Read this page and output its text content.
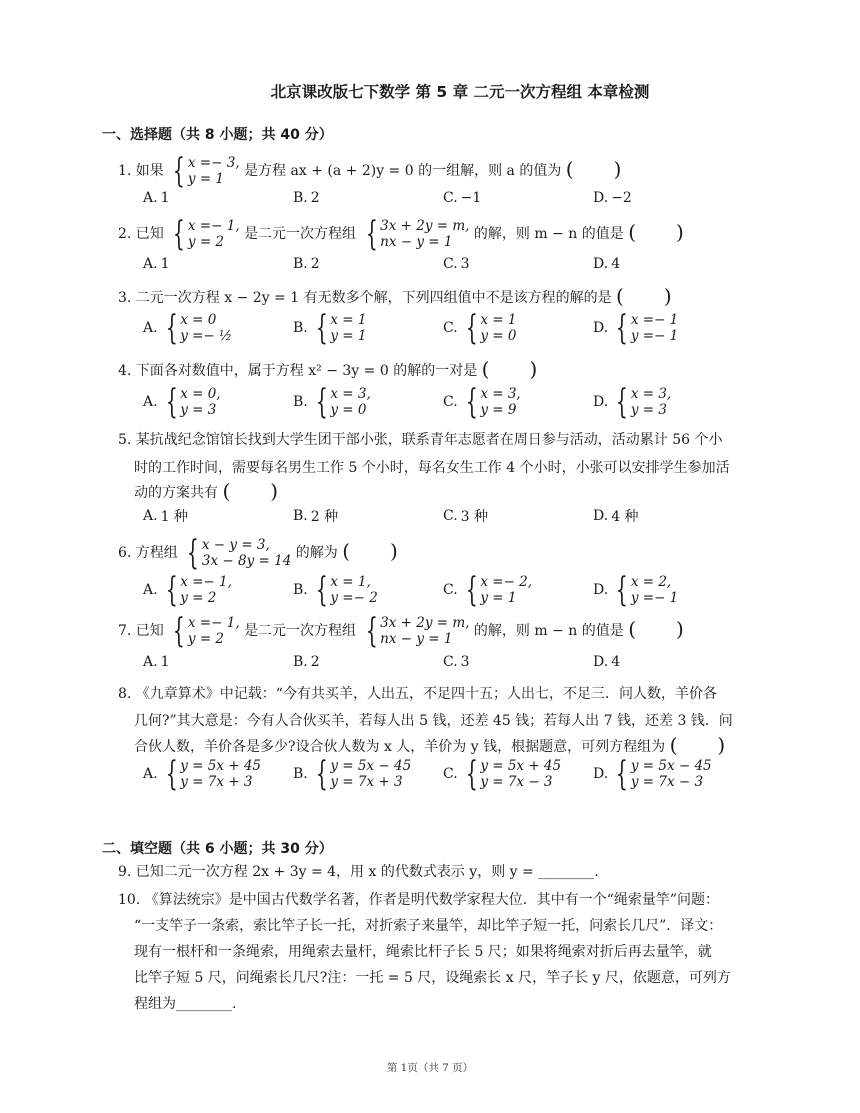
北京课改版七下数学 第 5 章 二元一次方程组 本章检测
一、选择题（共 8 小题；共 40 分）
1. 如果 { x =− 3,
y = 1	是方程 ax + (a + 2)y = 0 的一组解，则 a 的值为 (　　)
A. 1	B. 2	C. −1	D. −2
2. 已知 { x =− 1,
y = 2	是二元一次方程组 { 3x + 2y = m,
nx − y = 1	的解，则 m − n 的值是 (　　)
A. 1	B. 2	C. 3	D. 4
3. 二元一次方程 x − 2y = 1 有无数多个解，下列四组值中不是该方程的解的是 (　　)
A. { x = 0
y =− ½	B. { x = 1
y = 1	C. { x = 1
y = 0	D. { x =− 1
y =− 1
4. 下面各对数值中，属于方程 x² − 3y = 0 的解的一对是 (　　)
A. { x = 0,
y = 3	B. { x = 3,
y = 0	C. { x = 3,
y = 9	D. { x = 3,
y = 3
5. 某抗战纪念馆馆长找到大学生团干部小张，联系青年志愿者在周日参与活动，活动累计 56 个小
时的工作时间，需要每名男生工作 5 个小时，每名女生工作 4 个小时，小张可以安排学生参加活
动的方案共有 (　　)
A. 1 种	B. 2 种	C. 3 种	D. 4 种
6. 方程组 { x − y = 3,
3x − 8y = 14 的解为 (　　)
A. { x =− 1,
y = 2	B. { x = 1,
y =− 2	C. { x =− 2,
y = 1	D. { x = 2,
y =− 1
7. 已知 { x =− 1,
y = 2	是二元一次方程组 { 3x + 2y = m,
nx − y = 1	的解，则 m − n 的值是 (　　)
A. 1	B. 2	C. 3	D. 4
8. 《九章算术》中记载：“今有共买羊，人出五，不足四十五；人出七，不足三．问人数，羊价各
几何?”其大意是：今有人合伙买羊，若每人出 5 钱，还差 45 钱；若每人出 7 钱，还差 3 钱．问
合伙人数，羊价各是多少?设合伙人数为 x 人，羊价为 y 钱，根据题意，可列方程组为 (　　)
A. { y = 5x + 45
y = 7x + 3	B. { y = 5x − 45
y = 7x + 3	C. { y = 5x + 45
y = 7x − 3	D. { y = 5x − 45
y = 7x − 3
二、填空题（共 6 小题；共 30 分）
9. 已知二元一次方程 2x + 3y = 4，用 x 的代数式表示 y，则 y = ________.
10. 《算法统宗》是中国古代数学名著，作者是明代数学家程大位．其中有一个“绳索量竿”问题：
“一支竿子一条索，索比竿子长一托，对折索子来量竿，却比竿子短一托，问索长几尺”．译文：
现有一根杆和一条绳索，用绳索去量杆，绳索比杆子长 5 尺；如果将绳索对折后再去量竿，就
比竿子短 5 尺，问绳索长几尺?注：一托 = 5 尺，设绳索长 x 尺，竿子长 y 尺，依题意，可列方
程组为________.
第 1页（共 7 页）
